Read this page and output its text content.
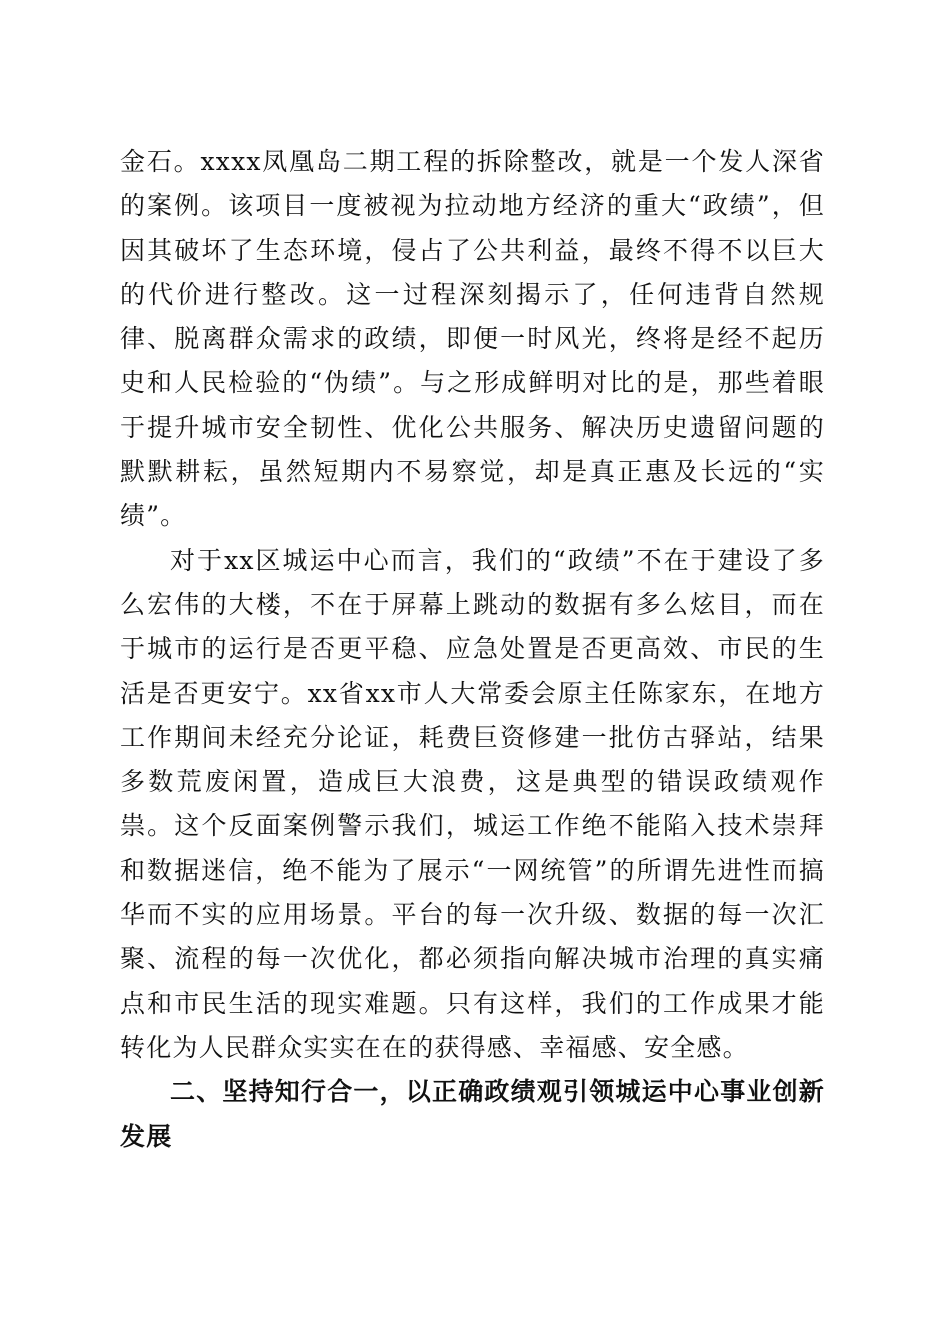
金石。xxxx凤凰岛二期工程的拆除整改，就是一个发人深省的案例。该项目一度被视为拉动地方经济的重大“政绩”，但因其破坏了生态环境，侵占了公共利益，最终不得不以巨大的代价进行整改。这一过程深刻揭示了，任何违背自然规律、脱离群众需求的政绩，即便一时风光，终将是经不起历史和人民检验的“伪绩”。与之形成鲜明对比的是，那些着眼于提升城市安全韧性、优化公共服务、解决历史遗留问题的默默耕耘，虽然短期内不易察觉，却是真正惠及长远的“实绩”。

对于xx区城运中心而言，我们的“政绩”不在于建设了多么宏伟的大楼，不在于屏幕上跳动的数据有多么炫目，而在于城市的运行是否更平稳、应急处置是否更高效、市民的生活是否更安宁。xx省xx市人大常委会原主任陈家东，在地方工作期间未经充分论证，耗费巨资修建一批仿古驿站，结果多数荒废闲置，造成巨大浪费，这是典型的错误政绩观作祟。这个反面案例警示我们，城运工作绝不能陷入技术崇拜和数据迷信，绝不能为了展示“一网统管”的所谓先进性而搞华而不实的应用场景。平台的每一次升级、数据的每一次汇聚、流程的每一次优化，都必须指向解决城市治理的真实痛点和市民生活的现实难题。只有这样，我们的工作成果才能转化为人民群众实实在在的获得感、幸福感、安全感。

二、坚持知行合一，以正确政绩观引领城运中心事业创新发展
